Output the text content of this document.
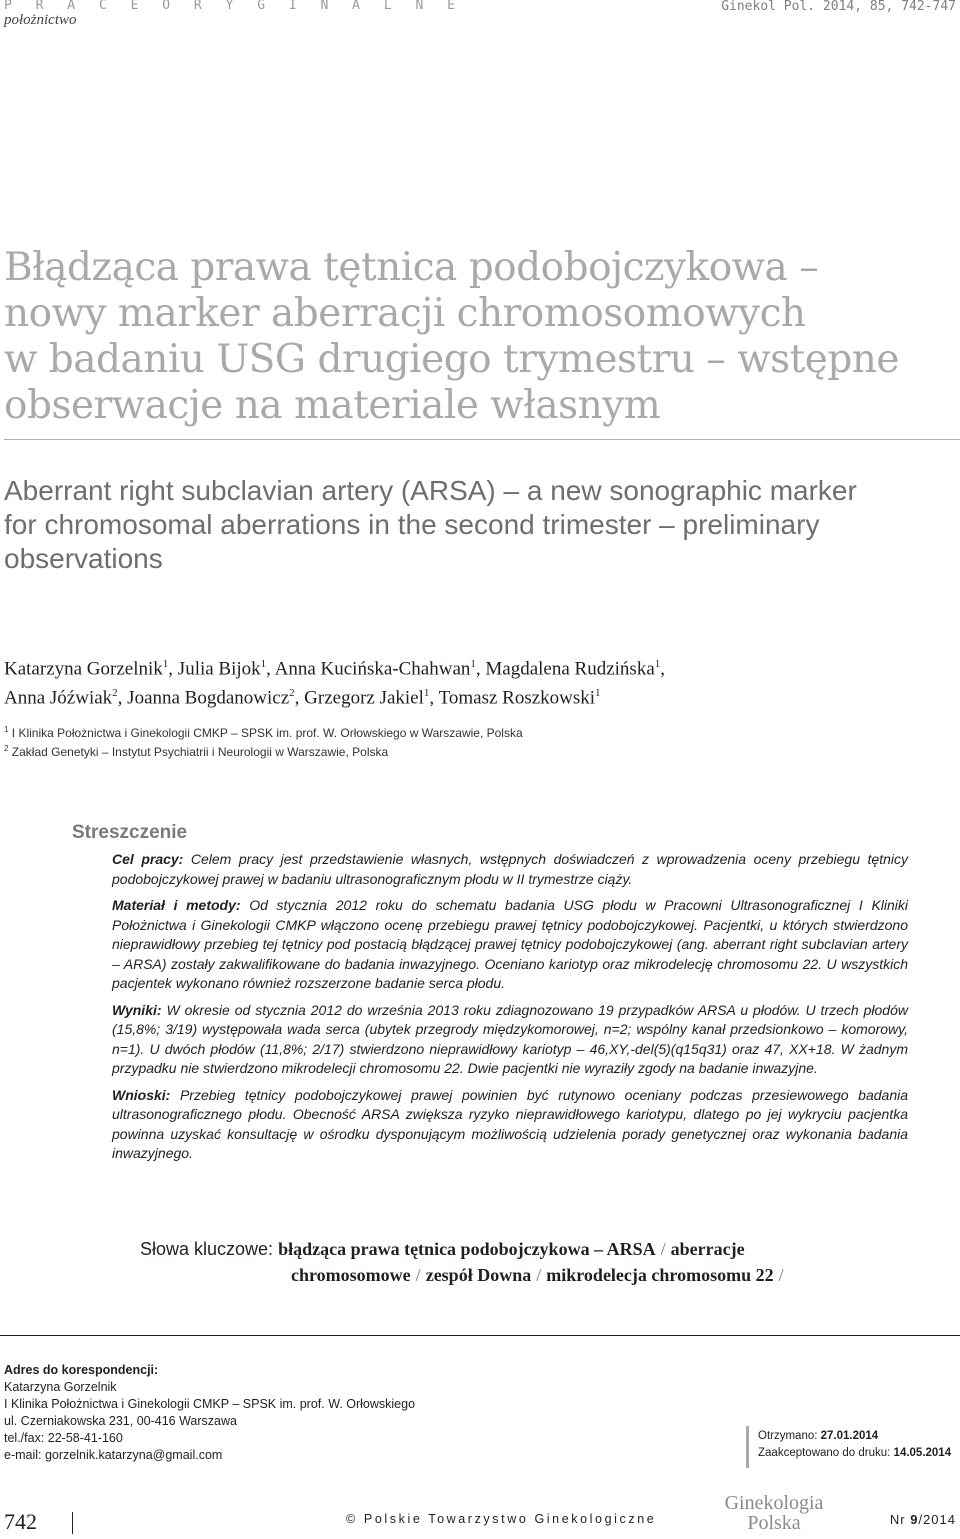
P R A C E O R Y G I N A L N E
położnictwo
Ginekol Pol. 2014, 85, 742-747
Błądząca prawa tętnica podobojczykowa –
nowy marker aberracji chromosomowych
w badaniu USG drugiego trymestru – wstępne
obserwacje na materiale własnym
Aberrant right subclavian artery (ARSA) – a new sonographic marker
for chromosomal aberrations in the second trimester – preliminary
observations
Katarzyna Gorzelnik$^1$, Julia Bijok$^1$, Anna Kucińska-Chahwan$^1$, Magdalena Rudzińska$^1$,
Anna Jóźwiak$^2$, Joanna Bogdanowicz$^2$, Grzegorz Jakiel$^1$, Tomasz Roszkowski$^1$
$^1$ I Klinika Położnictwa i Ginekologii CMKP – SPSK im. prof. W. Orłowskiego w Warszawie, Polska
$^2$ Zakład Genetyki – Instytut Psychiatrii i Neurologii w Warszawie, Polska
Streszczenie

Cel pracy: Celem pracy jest przedstawienie własnych, wstępnych doświadczeń z wprowadzenia oceny przebiegu tętnicy podobojczykowej prawej w badaniu ultrasonograficznym płodu w II trymestrze ciąży.

Materiał i metody: Od stycznia 2012 roku do schematu badania USG płodu w Pracowni Ultrasonograficznej I Kliniki Położnictwa i Ginekologii CMKP włączono ocenę przebiegu prawej tętnicy podobojczykowej. Pacjentki, u których stwierdzono nieprawidłowy przebieg tej tętnicy pod postacią błądzącej prawej tętnicy podobojczykowej (ang. aberrant right subclavian artery – ARSA) zostały zakwalifikowane do badania inwazyjnego. Oceniano kariotyp oraz mikrodelecję chromosomu 22. U wszystkich pacjentek wykonano również rozszerzone badanie serca płodu.

Wyniki: W okresie od stycznia 2012 do września 2013 roku zdiagnozowano 19 przypadków ARSA u płodów. U trzech płodów (15,8%; 3/19) występowała wada serca (ubytek przegrody międzykomorowej, n=2; wspólny kanał przedsionkowo – komorowy, n=1). U dwóch płodów (11,8%; 2/17) stwierdzono nieprawidłowy kariotyp – 46,XY,-del(5)(q15q31) oraz 47, XX+18. W żadnym przypadku nie stwierdzono mikrodelecji chromosomu 22. Dwie pacjentki nie wyraziły zgody na badanie inwazyjne.

Wnioski: Przebieg tętnicy podobojczykowej prawej powinien być rutynowo oceniany podczas przesiewowego badania ultrasonograficznego płodu. Obecność ARSA zwiększa ryzyko nieprawidłowego kariotypu, dlatego po jej wykryciu pacjentka powinna uzyskać konsultację w ośrodku dysponującym możliwością udzielenia porady genetycznej oraz wykonania badania inwazyjnego.

Słowa kluczowe: błądząca prawa tętnica podobojczykowa – ARSA / aberracje
chromosomowe / zespół Downa / mikrodelecja chromosomu 22 /
Adres do korespondencji:
Katarzyna Gorzelnik
I Klinika Położnictwa i Ginekologii CMKP – SPSK im. prof. W. Orłowskiego
ul. Czerniakowska 231, 00-416 Warszawa
tel./fax: 22-58-41-160
e-mail: gorzelnik.katarzyna@gmail.com
Otrzymano: 27.01.2014
Zaakceptowano do druku: 14.05.2014
742	© Polskie Towarzystwo Ginekologiczne
Ginekologia
Polska	Nr 9/2014
